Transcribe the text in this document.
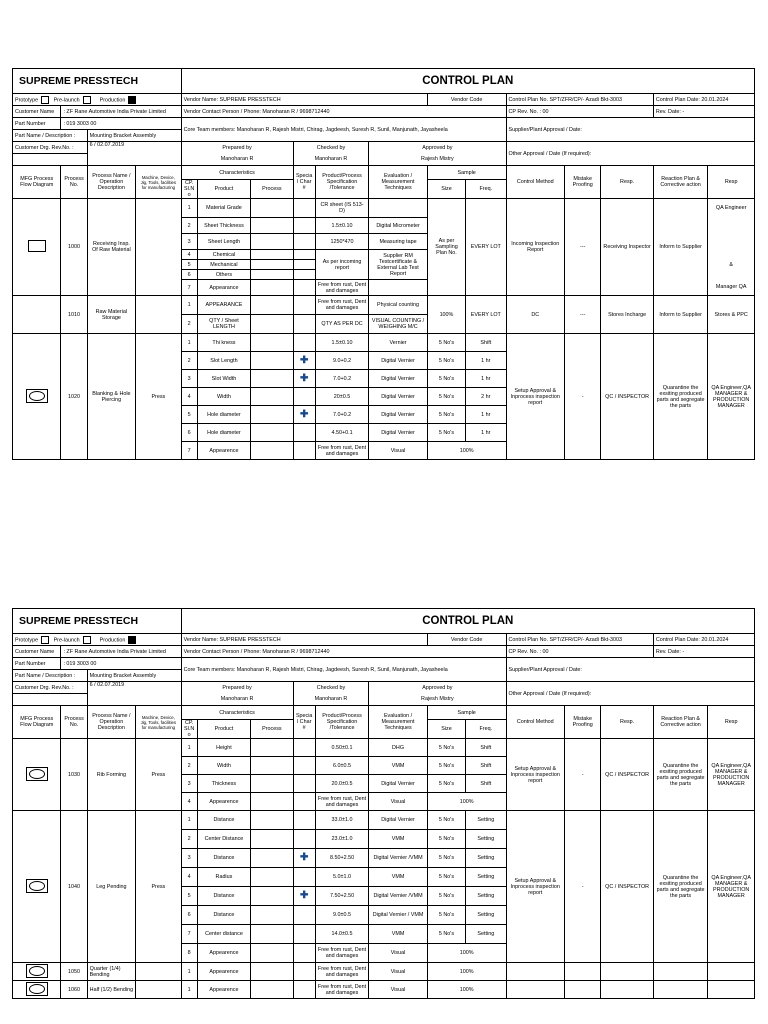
SUPREME PRESSTECH				CONTROL PLAN												
Prototype Pre-launch Production				Vendor Name: SUPREME PRESSTECH						Vendor Code		Control Plan No. SPT/ZFR/CP/- Azadi Bkt-3003			Control Plan Date: 20.01.2024	
Customer Name	: ZF Rane Automotive India Private Limited			Vendor Contact Person / Phone: Manoharan R / 9698712440								CP Rev. No. : 00			Rev. Date: -	
Part Number	: 019 3003 00			Core Team members: Manoharan R, Rajesh Mistri, Chirag, Jagdeesh, Suresh R, Sunil, Manjunath, Jayasheela								Supplier/Plant Approval / Date:				
Part Name / Description :		Mounting Bracket Assembly														
Customer Drg. Rev.No. :		6 / 02.07.2019		Prepared by			Checked by		Approved by			Other Approval / Date (If required):				
				Manoharan R			Manoharan R		Rajesh Mistry							
MFG Process Flow Diagram	Process No.	Process Name / Operation Description	Machine, Device, Jig, Tools, facilities for manufacturing	Characteristics			Special Char #	Product/Process Specification /Tolerance	Evaluation / Measurement Techniques	Sample		Control Method	Mistake Proofing	Resp.	Reaction Plan & Corrective action	Resp
				CP. Sl.No	Product	Process				Size	Freq.					
	1000	Receiving Insp. Of Raw Material		1	Material Grade			CR sheet (IS 513-D)		As per Sampling Plan No.	EVERY LOT	Incoming Inspection Report	---	Receiving Inspector	Inform to Supplier	QA Engineer
				2	Sheet Thickness			1.5±0.10	Digital Micrometer							
				3	Sheet Length			1250*470	Measuring tape							
				4	Chemical			As per incoming report	Supplier RM Testcertificate & External Lab Test Report							
				5	Mechanical											&
				6	Others											
				7	Appearance			Free from rust, Dent and damages								Manager QA
	1010	Raw Material Storage		1	APPEARANCE			Free from rust, Dent and damages	Physical counting	100%	EVERY LOT	DC	---	Stores Incharge	Inform to Supplier	Stores & PPC
				2	QTY / Sheet LENGTH			QTY AS PER DC	VISUAL COUNTING / WEIGHING M/C							
	1020	Blanking & Hole Piercing	Press	1	Thi kness			1.5±0.10	Vernier	5 No's	Shift	Setup Approval & Inprocess inspection report	-	QC / INSPECTOR	Quarantine the exsiting produced parts and segregate the parts	QA Engineer,QA MANAGER & PRODUCTION MANAGER
				2	Slot Length		✚	9.0+0.2	Digital Vernier	5 No's	1 hr					
				3	Slot Width		✚	7.0+0.2	Digital Vernier	5 No's	1 hr					
				4	Width			20±0.5	Digital Vernier	5 No's	2 hr					
				5	Hole diameter		✚	7.0+0.2	Digital Vernier	5 No's	1 hr					
				6	Hole diameter			4.50+0.1	Digital Vernier	5 No's	1 hr					
				7	Appearence			Free from rust, Dent and damages	Visual	100%						
SUPREME PRESSTECH				CONTROL PLAN												
Prototype Pre-launch Production				Vendor Name: SUPREME PRESSTECH						Vendor Code		Control Plan No. SPT/ZFR/CP/- Azadi Bkt-3003			Control Plan Date: 20.01.2024	
Customer Name	: ZF Rane Automotive India Private Limited			Vendor Contact Person / Phone: Manoharan R / 9698712440								CP Rev. No. : 00			Rev. Date: -	
Part Number	: 019 3003 00			Core Team members: Manoharan R, Rajesh Mistri, Chirag, Jagdeesh, Suresh R, Sunil, Manjunath, Jayasheela								Supplier/Plant Approval / Date:				
Part Name / Description :		Mounting Bracket Assembly														
Customer Drg. Rev.No. :		6 / 02.07.2019		Prepared by			Checked by		Approved by			Other Approval / Date (If required):				
				Manoharan R			Manoharan R		Rajesh Mistry							
MFG Process Flow Diagram	Process No.	Process Name / Operation Description	Machine, Device, Jig, Tools, facilities for manufacturing	Characteristics			Special Char #	Product/Process Specification /Tolerance	Evaluation / Measurement Techniques	Sample		Control Method	Mistake Proofing	Resp.	Reaction Plan & Corrective action	Resp
				CP. Sl.No	Product	Process				Size	Freq.					
	1030	Rib Forming	Press	1	Height			0.50±0.1	DHG	5 No's	Shift	Setup Approval & Inprocess inspection report	-	QC / INSPECTOR	Quarantine the exsiting produced parts and segregate the parts	QA Engineer,QA MANAGER & PRODUCTION MANAGER
				2	Width			6.0±0.5	VMM	5 No's	Shift					
				3	Thickness			20.0±0.5	Digital Vernier	5 No's	Shift					
				4	Appearence			Free from rust, Dent and damages	Visual	100%						
	1040	Leg Pending	Press	1	Distance			33.0±1.0	Digital Vernier	5 No's	Setting	Setup Approval & Inprocess inspection report	-	QC / INSPECTOR	Quarantine the exsiting produced parts and segregate the parts	QA Engineer,QA MANAGER & PRODUCTION MANAGER
				2	Center Distance			23.0±1.0	VMM	5 No's	Setting					
				3	Distance		✚	8.50+2.50	Digital Vernier /VMM	5 No's	Setting					
				4	Radius			5.0±1.0	VMM	5 No's	Setting					
				5	Distance		✚	7.50+2.50	Digital Vernier /VMM	5 No's	Setting					
				6	Distance			9.0±0.5	Digital Vernier / VMM	5 No's	Setting					
				7	Center distance			14.0±0.5	VMM	5 No's	Setting					
				8	Appearence			Free from rust, Dent and damages	Visual	100%						
	1050	Quarter (1/4) Bending		1	Appearence			Free from rust, Dent and damages	Visual	100%						
	1060	Half (1/2) Bending		1	Appearence			Free from rust, Dent and damages	Visual	100%						
